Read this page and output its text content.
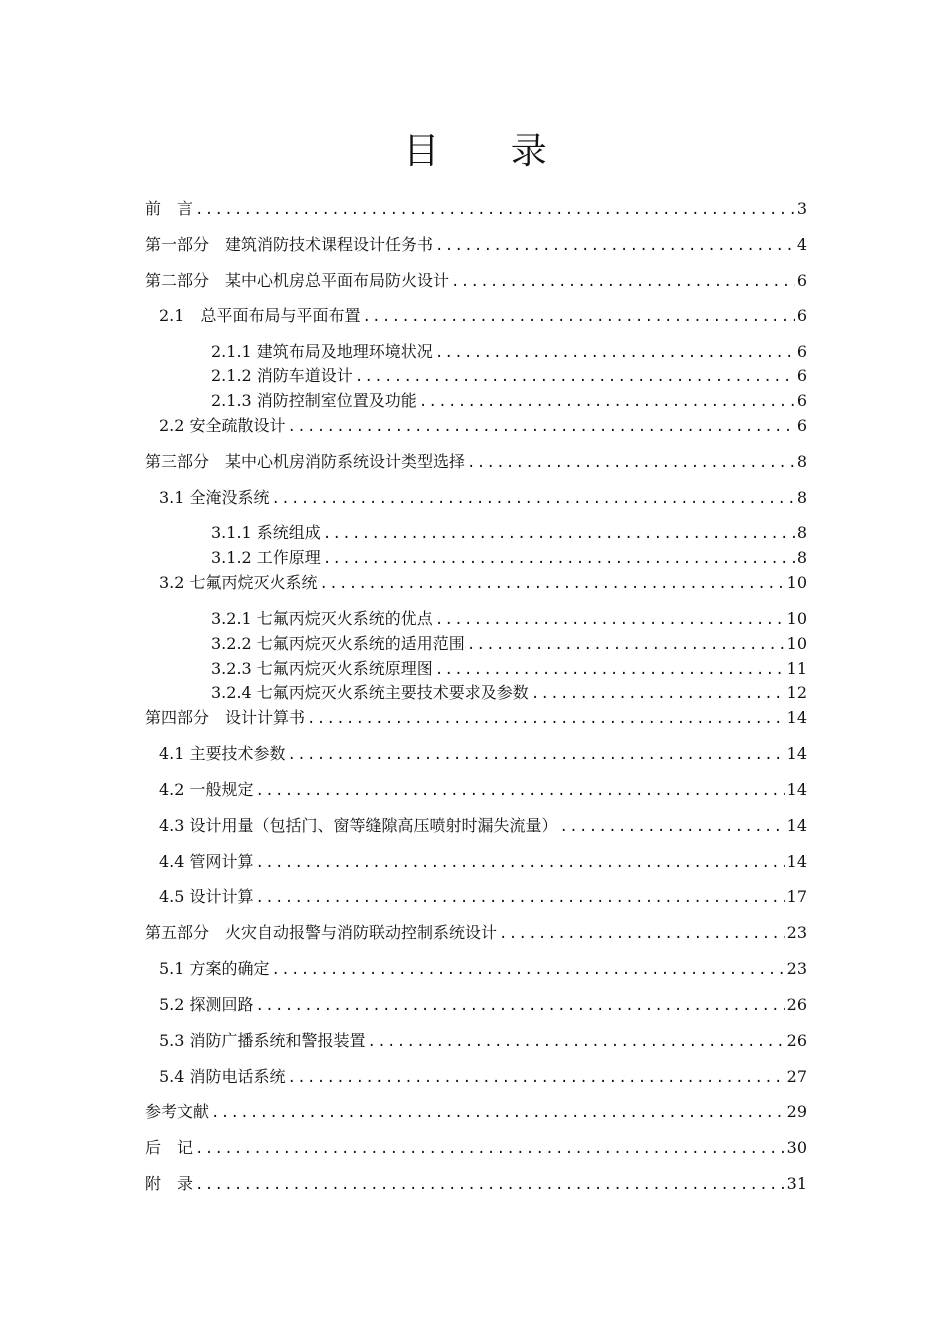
目 录
前　言 .....	3
第一部分　建筑消防技术课程设计任务书 .....	4
第二部分　某中心机房总平面布局防火设计 .....	6
2.1　总平面布局与平面布置 .....	6
2.1.1 建筑布局及地理环境状况 .....	6
2.1.2 消防车道设计 .....	6
2.1.3 消防控制室位置及功能 .....	6
2.2 安全疏散设计 .....	6
第三部分　某中心机房消防系统设计类型选择 .....	8
3.1 全淹没系统 .....	8
3.1.1 系统组成 .....	8
3.1.2 工作原理 .....	8
3.2 七氟丙烷灭火系统 .....	10
3.2.1 七氟丙烷灭火系统的优点 .....	10
3.2.2 七氟丙烷灭火系统的适用范围 .....	10
3.2.3 七氟丙烷灭火系统原理图 .....	11
3.2.4 七氟丙烷灭火系统主要技术要求及参数 .....	12
第四部分　设计计算书 .....	14
4.1 主要技术参数 .....	14
4.2 一般规定 .....	14
4.3 设计用量（包括门、窗等缝隙高压喷射时漏失流量） .....	14
4.4 管网计算 .....	14
4.5 设计计算 .....	17
第五部分　火灾自动报警与消防联动控制系统设计 .....	23
5.1 方案的确定 .....	23
5.2 探测回路 .....	26
5.3 消防广播系统和警报装置 .....	26
5.4 消防电话系统 .....	27
参考文献 .....	29
后　记 .....	30
附　录 .....	31
